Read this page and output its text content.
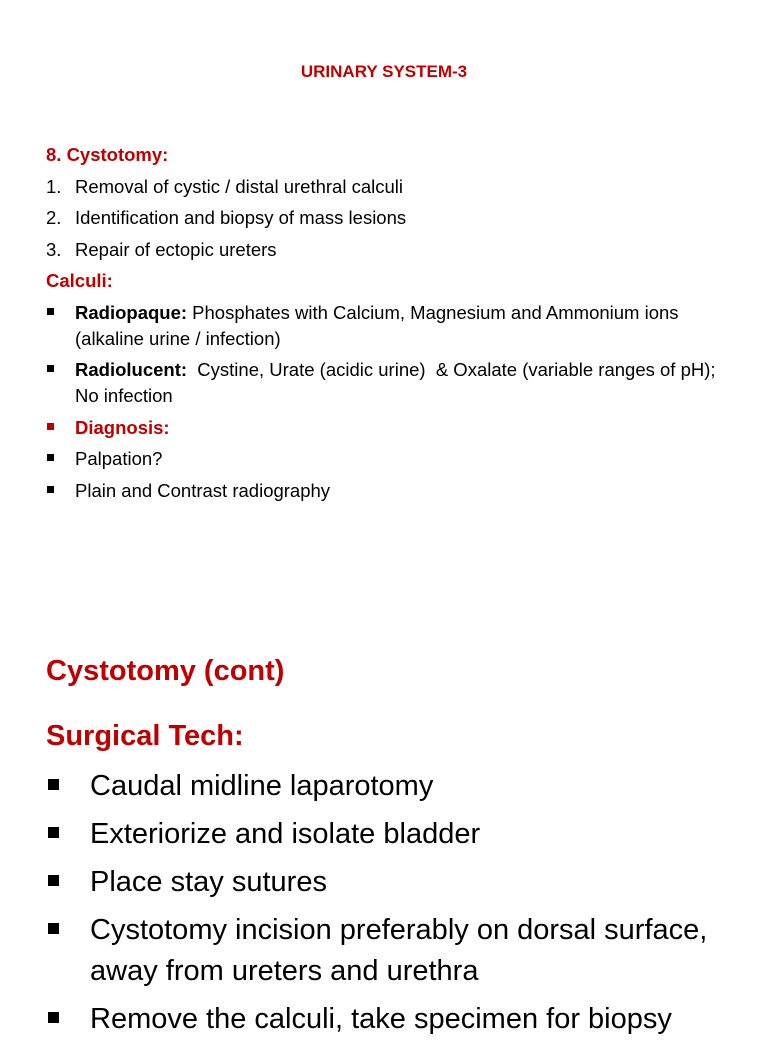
URINARY SYSTEM-3
8. Cystotomy:
1. Removal of cystic / distal urethral calculi
2. Identification and biopsy of mass lesions
3. Repair of ectopic ureters
Calculi:
Radiopaque: Phosphates with Calcium, Magnesium and Ammonium ions (alkaline urine / infection)
Radiolucent:  Cystine, Urate (acidic urine)  & Oxalate (variable ranges of pH); No infection
Diagnosis:
Palpation?
Plain and Contrast radiography
Cystotomy (cont)
Surgical Tech:
Caudal midline laparotomy
Exteriorize and isolate bladder
Place stay sutures
Cystotomy incision preferably on dorsal surface, away from ureters and urethra
Remove the calculi, take specimen for biopsy
